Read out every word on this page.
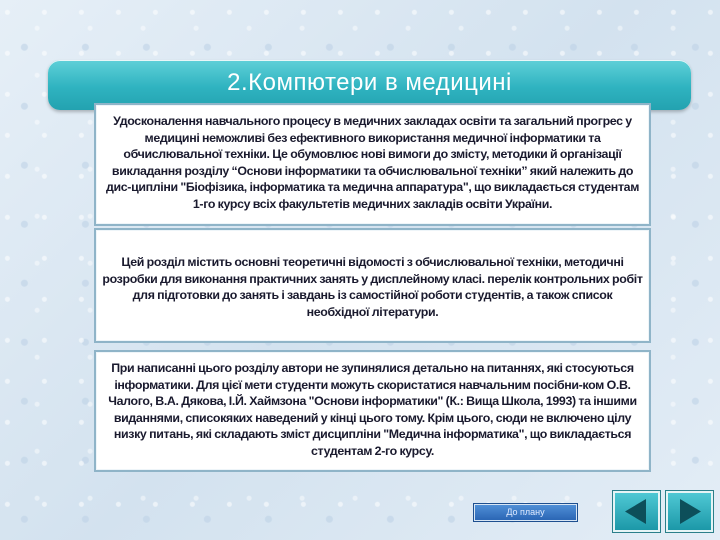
2.Компютери в медицині

Удосконалення навчального процесу в медичних закладах освіти та загальний прогрес у медицині неможливі без ефективного використання медичної інформатики та обчислювальної техніки. Це обумовлює нові вимоги до змісту, методики й організації викладання розділу “Основи інформатики та обчислювальної техніки” який належить до дис-ципліни "Біофізика, інформатика та медична аппаратура", що викладається студентам 1-го курсу всіх факультетів медичних закладів освіти України.

Цей розділ містить основні теоретичні відомості з обчислювальної техніки, методичні розробки для виконання практичних занять у дисплейному класі. перелік контрольних робіт для підготовки до занять і завдань із самостійної роботи студентів, а також список необхідної літератури.

При написанні цього розділу автори не зупинялися детально на питаннях, які стосуються інформатики. Для цієї мети студенти можуть скористатися навчальним посібни-ком О.В. Чалого, В.А. Дякова, І.Й. Хаймзона "Основи інформатики" (К.: Вища Школа, 1993) та іншими виданнями, списокяких наведений у кінці цього тому. Крім цього, сюди не включено цілу низку питань, які складають зміст дисципліни "Медична інформатика", що викладається студентам 2-го курсу.

До плану
